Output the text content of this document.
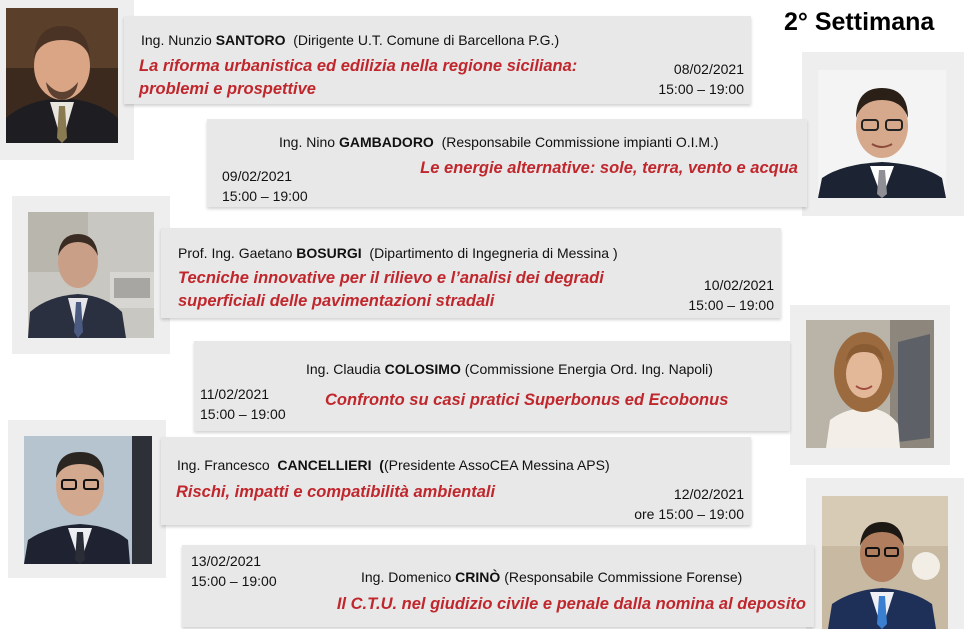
2° Settimana
Ing. Nunzio SANTORO (Dirigente U.T. Comune di Barcellona P.G.)
La riforma urbanistica ed edilizia nella regione siciliana: problemi e prospettive
08/02/2021
15:00 – 19:00
Ing. Nino GAMBADORO (Responsabile Commissione impianti O.I.M.)
Le energie alternative: sole, terra, vento e acqua
09/02/2021
15:00 – 19:00
Prof. Ing. Gaetano BOSURGI (Dipartimento di Ingegneria di Messina )
Tecniche innovative per il rilievo e l’analisi dei degradi superficiali delle pavimentazioni stradali
10/02/2021
15:00 – 19:00
Ing. Claudia COLOSIMO (Commissione Energia Ord. Ing. Napoli)
Confronto su casi pratici Superbonus ed Ecobonus
11/02/2021
15:00 – 19:00
Ing. Francesco  CANCELLIERI ((Presidente AssoCEA Messina APS)
Rischi, impatti e compatibilità ambientali	12/02/2021
ore 15:00 – 19:00
Ing. Domenico CRINÒ (Responsabile Commissione Forense)
Il C.T.U. nel giudizio civile e penale dalla nomina al deposito
13/02/2021
15:00 – 19:00
